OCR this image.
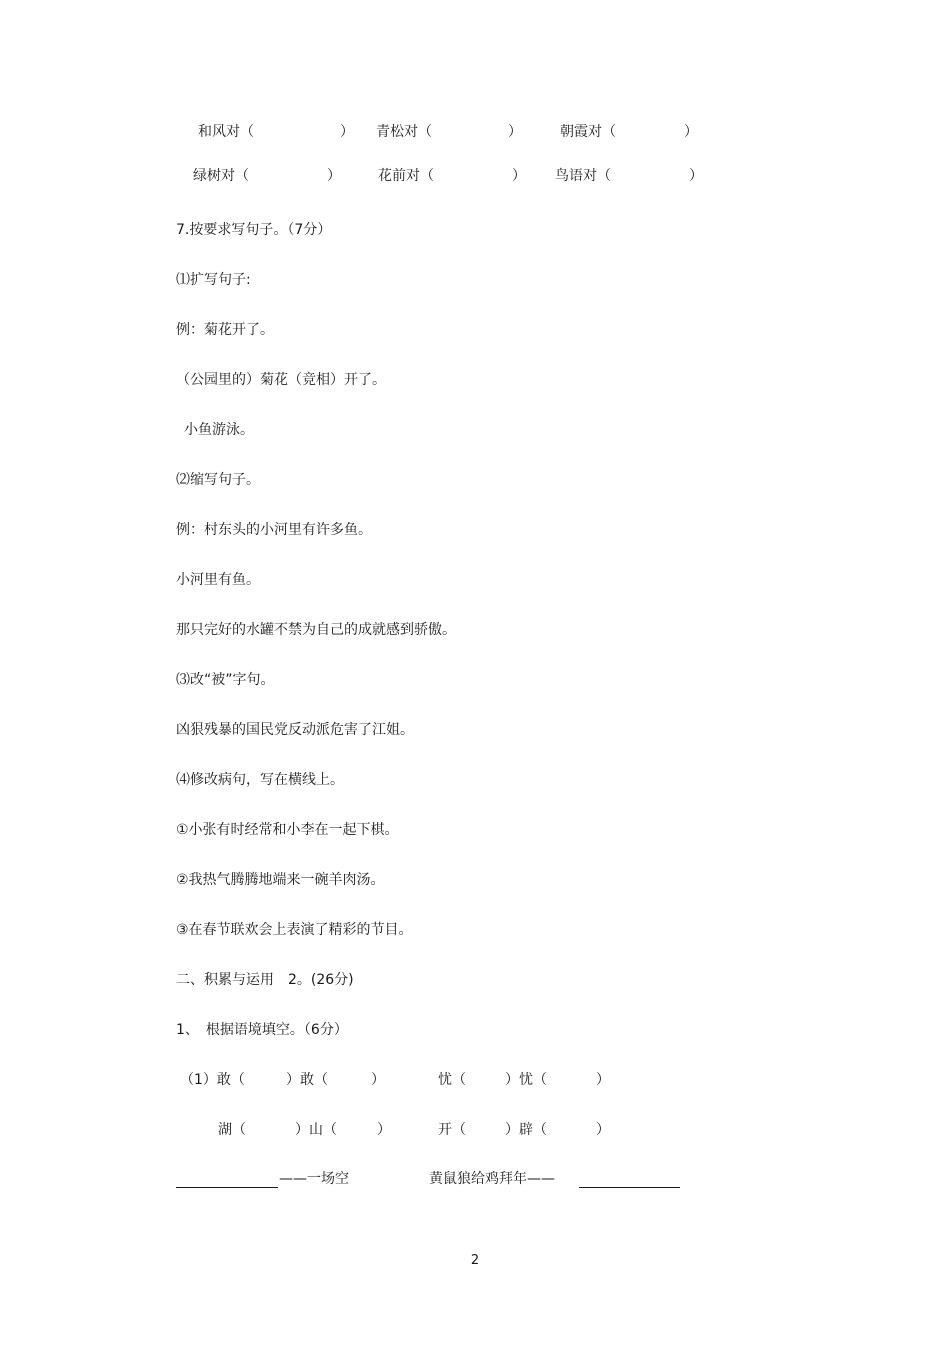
和风对（	） 青松对（	）	朝霞对（	）
绿树对（	）	花前对（	） 鸟语对（	）
7.按要求写句子。（7分）
⑴扩写句子:
例：菊花开了。
（公园里的）菊花（竞相）开了。
小鱼游泳。
⑵缩写句子。
例：村东头的小河里有许多鱼。
小河里有鱼。
那只完好的水罐不禁为自己的成就感到骄傲。
⑶改“被”字句。
凶狠残暴的国民党反动派危害了江姐。
⑷修改病句，写在横线上。
①小张有时经常和小李在一起下棋。
②我热气腾腾地端来一碗羊肉汤。
③在春节联欢会上表演了精彩的节目。
二、积累与运用　2。(26分)
1、　根据语境填空。（6分）
（1）敢（	）敢（	）	忧（	）忧（	）
湖（	）山（	）	开（	）辟（	）
——一场空	黄鼠狼给鸡拜年——
2
